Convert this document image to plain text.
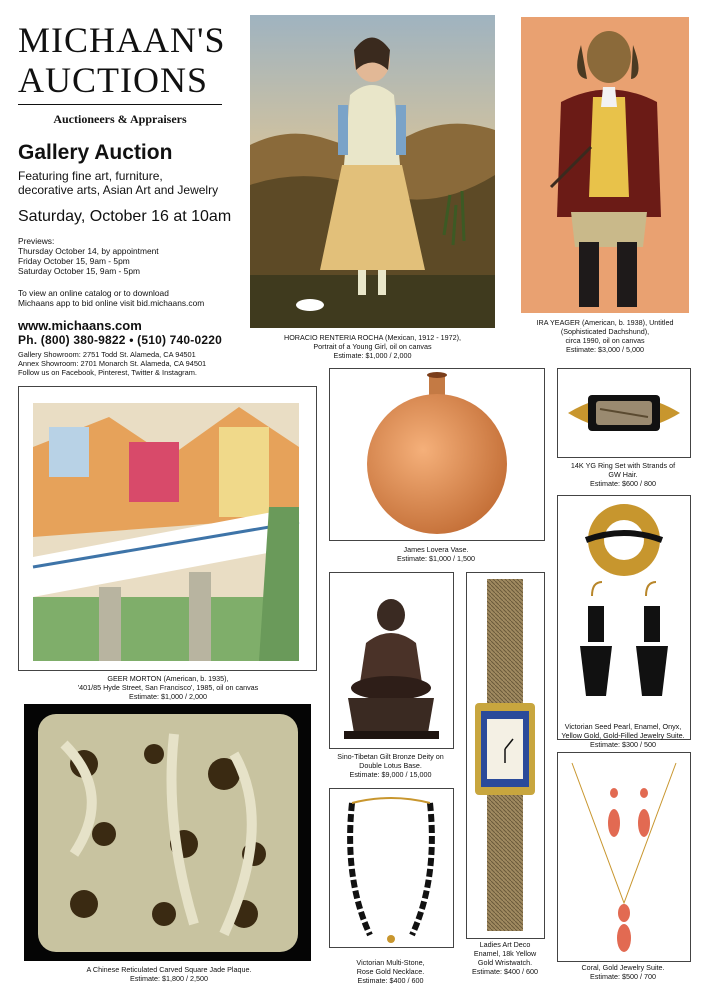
MICHAAN'S
AUCTIONS
Auctioneers & Appraisers
Gallery Auction
Featuring fine art, furniture,
decorative arts, Asian Art and Jewelry
Saturday, October 16 at 10am
Previews:
Thursday October 14, by appointment
Friday October 15, 9am - 5pm
Saturday October 15, 9am - 5pm
To view an online catalog or to download
Michaans app to bid online visit bid.michaans.com
www.michaans.com
Ph. (800) 380-9822 • (510) 740-0220
Gallery Showroom: 2751 Todd St. Alameda, CA 94501
Annex Showroom: 2701 Monarch St. Alameda, CA 94501
Follow us on Facebook, Pinterest, Twitter & Instagram.
HORACIO RENTERIA ROCHA (Mexican, 1912 - 1972),
Portrait of a Young Girl, oil on canvas
Estimate: $1,000 / 2,000
IRA YEAGER (American, b. 1938), Untitled
(Sophisticated Dachshund),
circa 1990, oil on canvas
Estimate: $3,000 / 5,000
GEER MORTON (American, b. 1935),
'401/85 Hyde Street, San Francisco', 1985, oil on canvas
Estimate: $1,000 / 2,000
James Lovera Vase.
Estimate: $1,000 / 1,500
14K YG Ring Set with Strands of
GW Hair.
Estimate: $600 / 800
Victorian Seed Pearl, Enamel, Onyx,
Yellow Gold, Gold-Filled Jewelry Suite.
Estimate: $300 / 500
A Chinese Reticulated Carved Square Jade Plaque.
Estimate: $1,800 / 2,500
Sino-Tibetan Gilt Bronze Deity on
Double Lotus Base.
Estimate: $9,000 / 15,000
Ladies Art Deco
Enamel, 18k Yellow
Gold Wristwatch.
Estimate: $400 / 600
Victorian Multi-Stone,
Rose Gold Necklace.
Estimate: $400 / 600
Coral, Gold Jewelry Suite.
Estimate: $500 / 700
